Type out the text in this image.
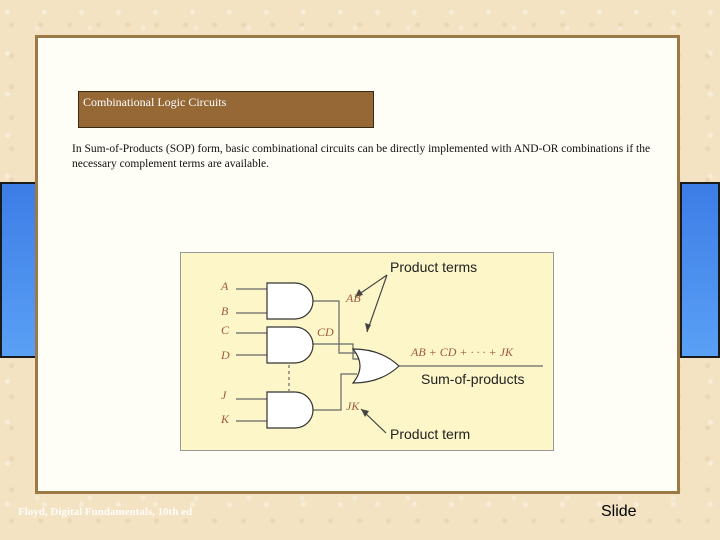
Combinational Logic Circuits
In Sum-of-Products (SOP) form, basic combinational circuits can be directly implemented with AND-OR combinations if the necessary complement terms are available.
A
B
C
D
J
K
AB
CD
JK
AB + CD + · · · + JK
Product terms
Sum-of-products
Product term
Floyd, Digital Fundamentals, 10th ed	Slide
